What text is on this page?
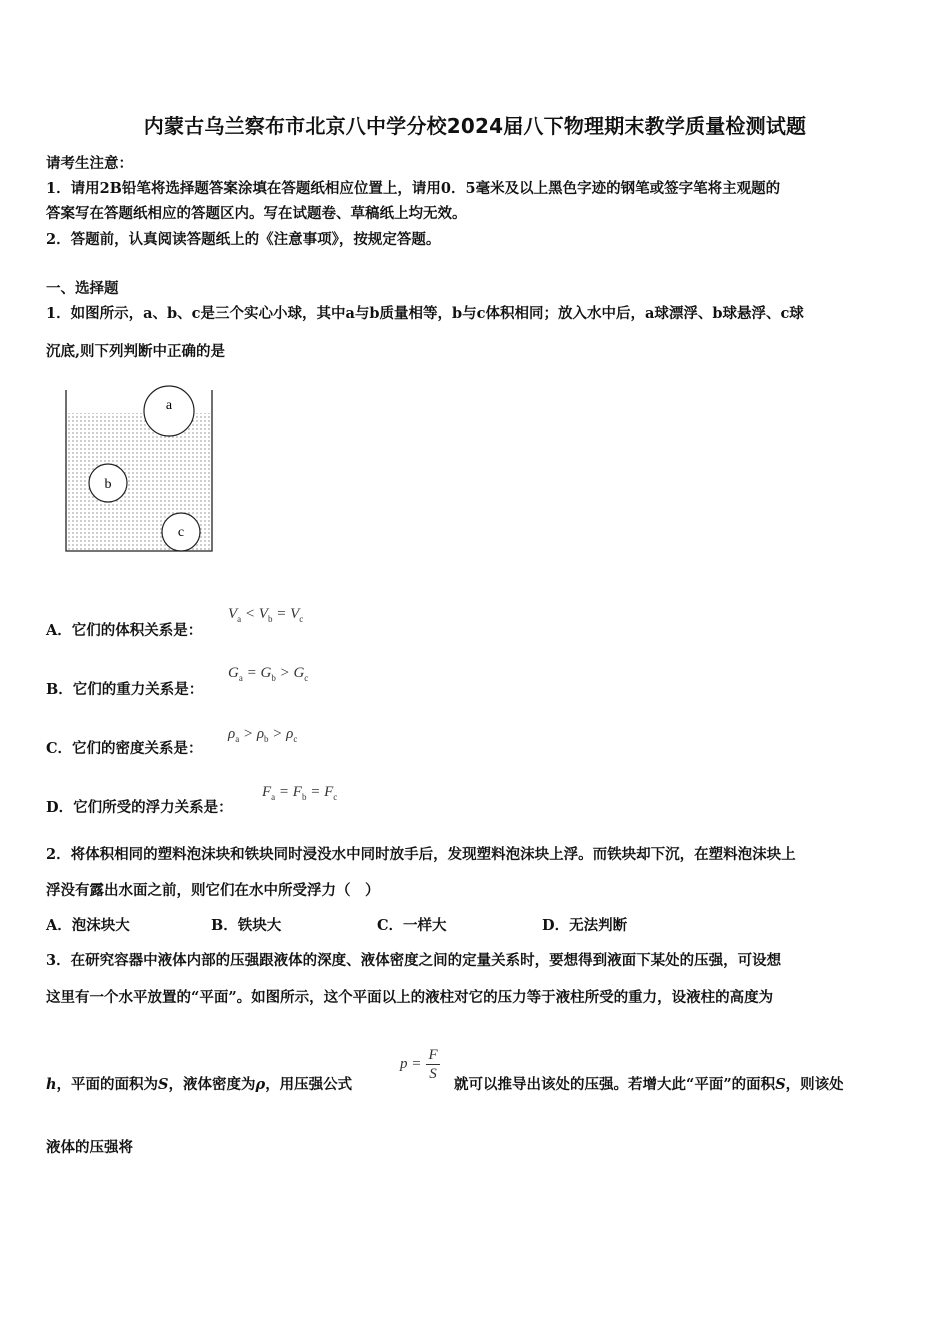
内蒙古乌兰察布市北京八中学分校2024届八下物理期末教学质量检测试题
请考生注意：
1．请用2B铅笔将选择题答案涂填在答题纸相应位置上，请用0．5毫米及以上黑色字迹的钢笔或签字笔将主观题的
答案写在答题纸相应的答题区内。写在试题卷、草稿纸上均无效。
2．答题前，认真阅读答题纸上的《注意事项》，按规定答题。
一、选择题
1．如图所示，a、b、c是三个实心小球，其中a与b质量相等，b与c体积相同；放入水中后，a球漂浮、b球悬浮、c球
沉底,则下列判断中正确的是
a
b
c
A．它们的体积关系是：
$V_a < V_b = V_c$
B．它们的重力关系是：
$G_a = G_b > G_c$
C．它们的密度关系是：
$\rho_a > \rho_b > \rho_c$
D．它们所受的浮力关系是：
$F_a = F_b = F_c$
2．将体积相同的塑料泡沫块和铁块同时浸没水中同时放手后，发现塑料泡沫块上浮。而铁块却下沉，在塑料泡沫块上
浮没有露出水面之前，则它们在水中所受浮力（　）
A．泡沫块大	B．铁块大	C．一样大	D．无法判断
3．在研究容器中液体内部的压强跟液体的深度、液体密度之间的定量关系时，要想得到液面下某处的压强，可设想
这里有一个水平放置的“平面”。如图所示，这个平面以上的液柱对它的压力等于液柱所受的重力，设液柱的高度为
h，平面的面积为S，液体密度为ρ，用压强公式
$p = \frac{F}{S}$
就可以推导出该处的压强。若增大此“平面”的面积S，则该处
液体的压强将
